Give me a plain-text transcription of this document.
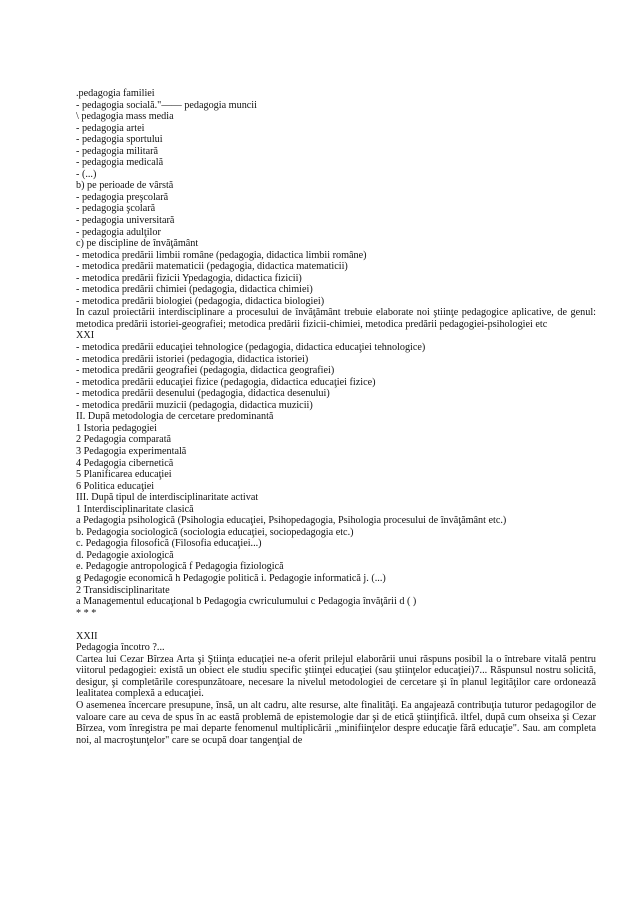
.pedagogia familiei
- pedagogia socială."—— pedagogia muncii
\ pedagogia mass media
- pedagogia artei
- pedagogia sportului
- pedagogia militară
- pedagogia medicală
- (...)
b) pe perioade de vârstă
- pedagogia preşcolară
- pedagogia şcolară
- pedagogia universitară
- pedagogia adulţilor
c) pe discipline de învăţământ
- metodica predării limbii române (pedagogia, didactica limbii române)
- metodica predării matematicii (pedagogia, didactica matematicii)
- metodica predării fizicii Ypedagogia, didactica fizicii)
- metodica predării chimiei (pedagogia, didactica chimiei)
- metodica predării biologiei (pedagogia, didactica biologiei)
In cazul proiectării interdisciplinare a procesului de învăţământ trebuie elaborate noi ştiinţe pedagogice aplicative, de genul: metodica predării istoriei-geografiei; metodica predării fizicii-chimiei, metodica predării pedagogiei-psihologiei etc
XXI
- metodica predării educaţiei tehnologice (pedagogia, didactica educaţiei tehnologice)
- metodica predării istoriei (pedagogia, didactica istoriei)
- metodica predării geografiei (pedagogia, didactica geografiei)
- metodica predării educaţiei fizice (pedagogia, didactica educaţiei fizice)
- metodica predării desenului (pedagogia, didactica desenului)
- metodica predării muzicii (pedagogia, didactica muzicii)
II. După metodologia de cercetare predominantă
1 Istoria pedagogiei
2 Pedagogia comparată
3 Pedagogia experimentală
4 Pedagogia cibernetică
5 Planificarea educaţiei
6 Politica educaţiei
III. După tipul de interdisciplinaritate activat
1 Interdisciplinaritate clasică
a Pedagogia psihologică (Psihologia educaţiei, Psihopedagogia, Psihologia procesului de învăţământ etc.)
b. Pedagogia sociologică (sociologia educaţiei, sociopedagogia etc.)
c. Pedagogia filosofică (Filosofia educaţiei...)
d. Pedagogie axiologică
e. Pedagogie antropologică f Pedagogia fiziologică
g Pedagogie economică h Pedagogie politică i. Pedagogie informatică j. (...)
2 Transidisciplinaritate
a Managementul educaţional b Pedagogia cwriculumului c Pedagogia învăţării d ( )
* * *
XXII
Pedagogia încotro ?...
Cartea lui Cezar Bîrzea Arta şi Ştiinţa educaţiei ne-a oferit prilejul elaborării unui răspuns posibil la o întrebare vitală pentru viitorul pedagogiei: există un obiect ele studiu specific ştiinţei educaţiei (sau ştiinţelor educaţiei)7... Răspunsul nostru solicită, desigur, şi completările corespunzătoare, necesare la nivelul metodologiei de cercetare şi în planul legităţilor care ordonează lealitatea complexă a educaţiei.
O asemenea încercare presupune, însă, un alt cadru, alte resurse, alte finalităţi. Ea angajează contribuţia tuturor pedagogilor de valoare care au ceva de spus în ac eastă problemă de epistemologie dar şi de etică ştiinţifică. iltfel, după cum ohseixa şi Cezar Bîrzea, vom înregistra pe mai departe fenomenul multiplicării „minifiinţelor despre educaţie fără educaţie". Sau. am completa noi, al macroştunţelor" care se ocupă doar tangenţial de
